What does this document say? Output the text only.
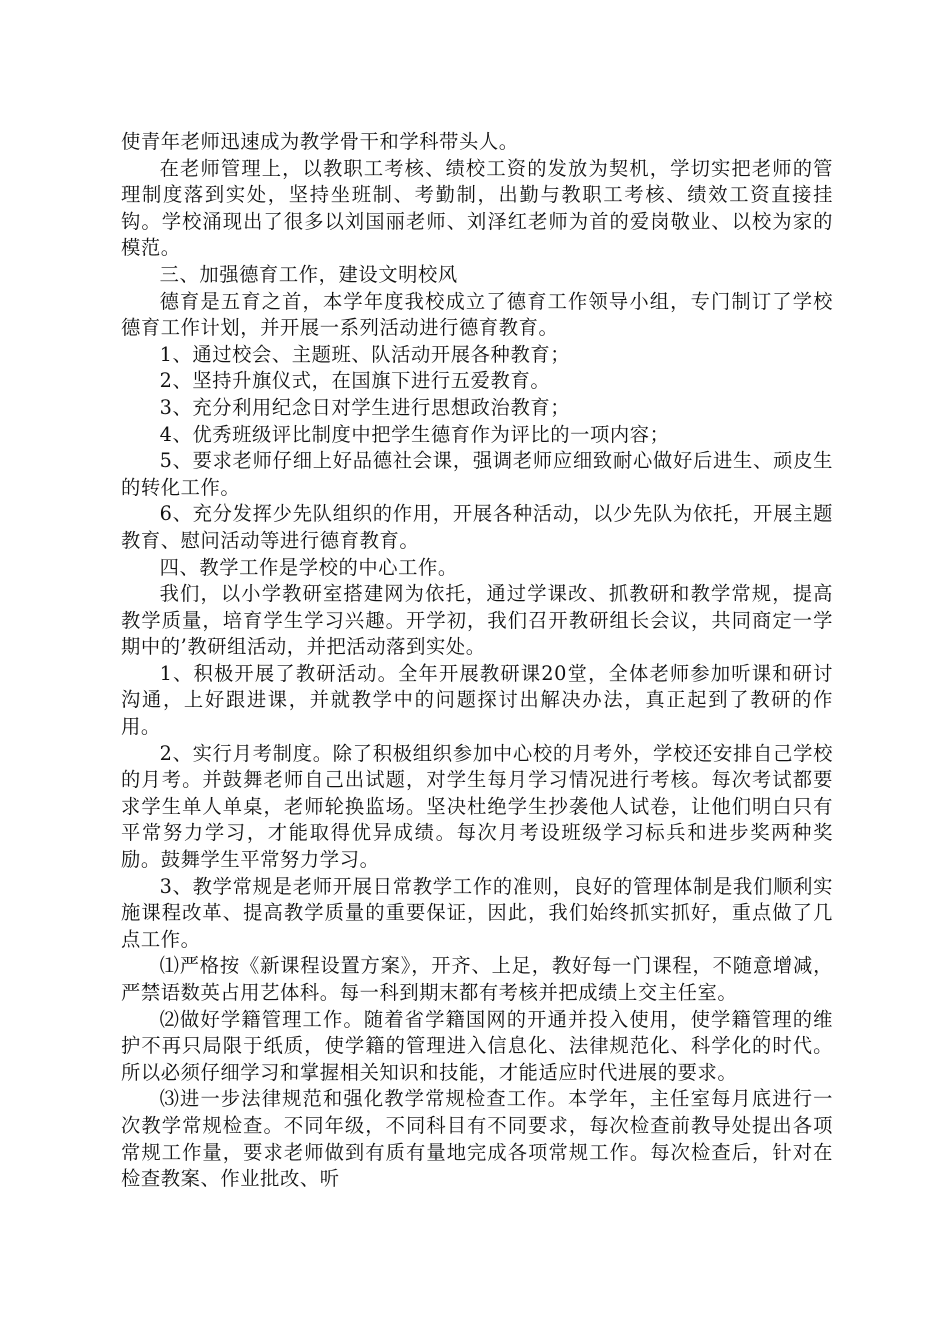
使青年老师迅速成为教学骨干和学科带头人。

在老师管理上，以教职工考核、绩校工资的发放为契机，学切实把老师的管理制度落到实处，坚持坐班制、考勤制，出勤与教职工考核、绩效工资直接挂钩。学校涌现出了很多以刘国丽老师、刘泽红老师为首的爱岗敬业、以校为家的模范。

三、加强德育工作，建设文明校风

德育是五育之首，本学年度我校成立了德育工作领导小组，专门制订了学校德育工作计划，并开展一系列活动进行德育教育。

1、通过校会、主题班、队活动开展各种教育；

2、坚持升旗仪式，在国旗下进行五爱教育。

3、充分利用纪念日对学生进行思想政治教育；

4、优秀班级评比制度中把学生德育作为评比的一项内容；

5、要求老师仔细上好品德社会课，强调老师应细致耐心做好后进生、顽皮生的转化工作。

6、充分发挥少先队组织的作用，开展各种活动，以少先队为依托，开展主题教育、慰问活动等进行德育教育。

四、教学工作是学校的中心工作。

我们，以小学教研室搭建网为依托，通过学课改、抓教研和教学常规，提高教学质量，培育学生学习兴趣。开学初，我们召开教研组长会议，共同商定一学期中的’教研组活动，并把活动落到实处。

1、积极开展了教研活动。全年开展教研课20堂，全体老师参加听课和研讨沟通，上好跟进课，并就教学中的问题探讨出解决办法，真正起到了教研的作用。

2、实行月考制度。除了积极组织参加中心校的月考外，学校还安排自己学校的月考。并鼓舞老师自己出试题，对学生每月学习情况进行考核。每次考试都要求学生单人单桌，老师轮换监场。坚决杜绝学生抄袭他人试卷，让他们明白只有平常努力学习，才能取得优异成绩。每次月考设班级学习标兵和进步奖两种奖励。鼓舞学生平常努力学习。

3、教学常规是老师开展日常教学工作的准则，良好的管理体制是我们顺利实施课程改革、提高教学质量的重要保证，因此，我们始终抓实抓好，重点做了几点工作。

⑴严格按《新课程设置方案》，开齐、上足，教好每一门课程，不随意增减，严禁语数英占用艺体科。每一科到期末都有考核并把成绩上交主任室。

⑵做好学籍管理工作。随着省学籍国网的开通并投入使用，使学籍管理的维护不再只局限于纸质，使学籍的管理进入信息化、法律规范化、科学化的时代。所以必须仔细学习和掌握相关知识和技能，才能适应时代进展的要求。

⑶进一步法律规范和强化教学常规检查工作。本学年，主任室每月底进行一次教学常规检查。不同年级，不同科目有不同要求，每次检查前教导处提出各项常规工作量，要求老师做到有质有量地完成各项常规工作。每次检查后，针对在检查教案、作业批改、听
